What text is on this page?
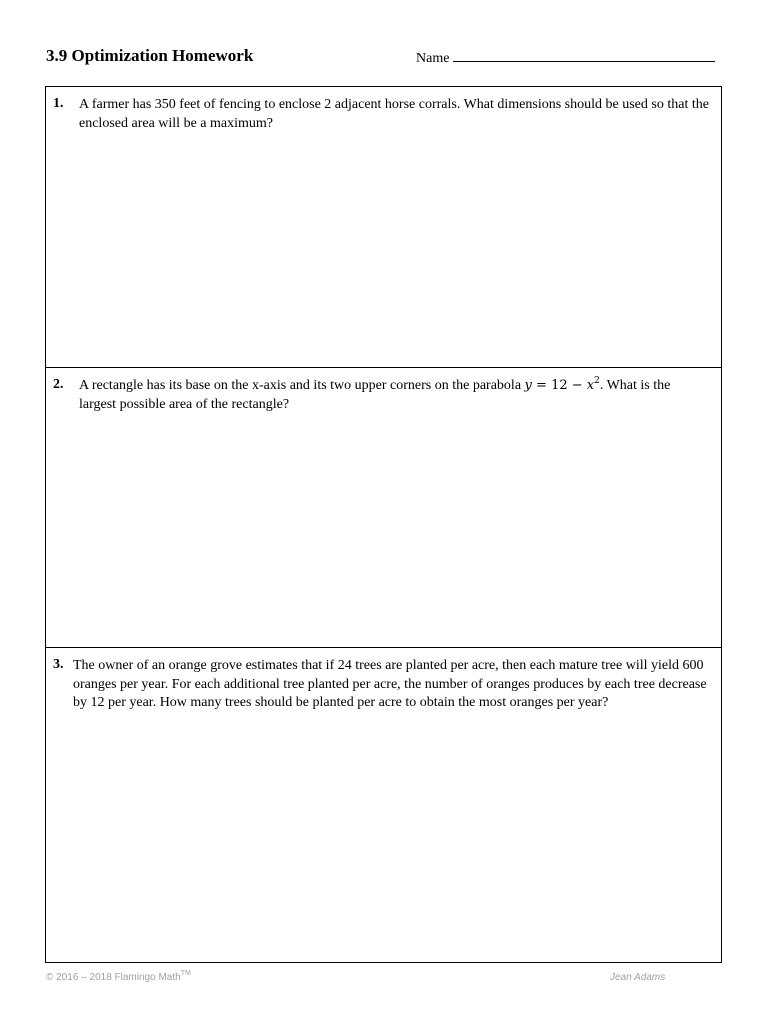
3.9 Optimization Homework	Name
1. A farmer has 350 feet of fencing to enclose 2 adjacent horse corrals. What dimensions should be used so that the enclosed area will be a maximum?
2. A rectangle has its base on the x-axis and its two upper corners on the parabola $y = 12 - x^2$. What is the largest possible area of the rectangle?
3. The owner of an orange grove estimates that if 24 trees are planted per acre, then each mature tree will yield 600 oranges per year. For each additional tree planted per acre, the number of oranges produces by each tree decrease by 12 per year. How many trees should be planted per acre to obtain the most oranges per year?
© 2016 – 2018 Flamingo Math™	Jean Adams
